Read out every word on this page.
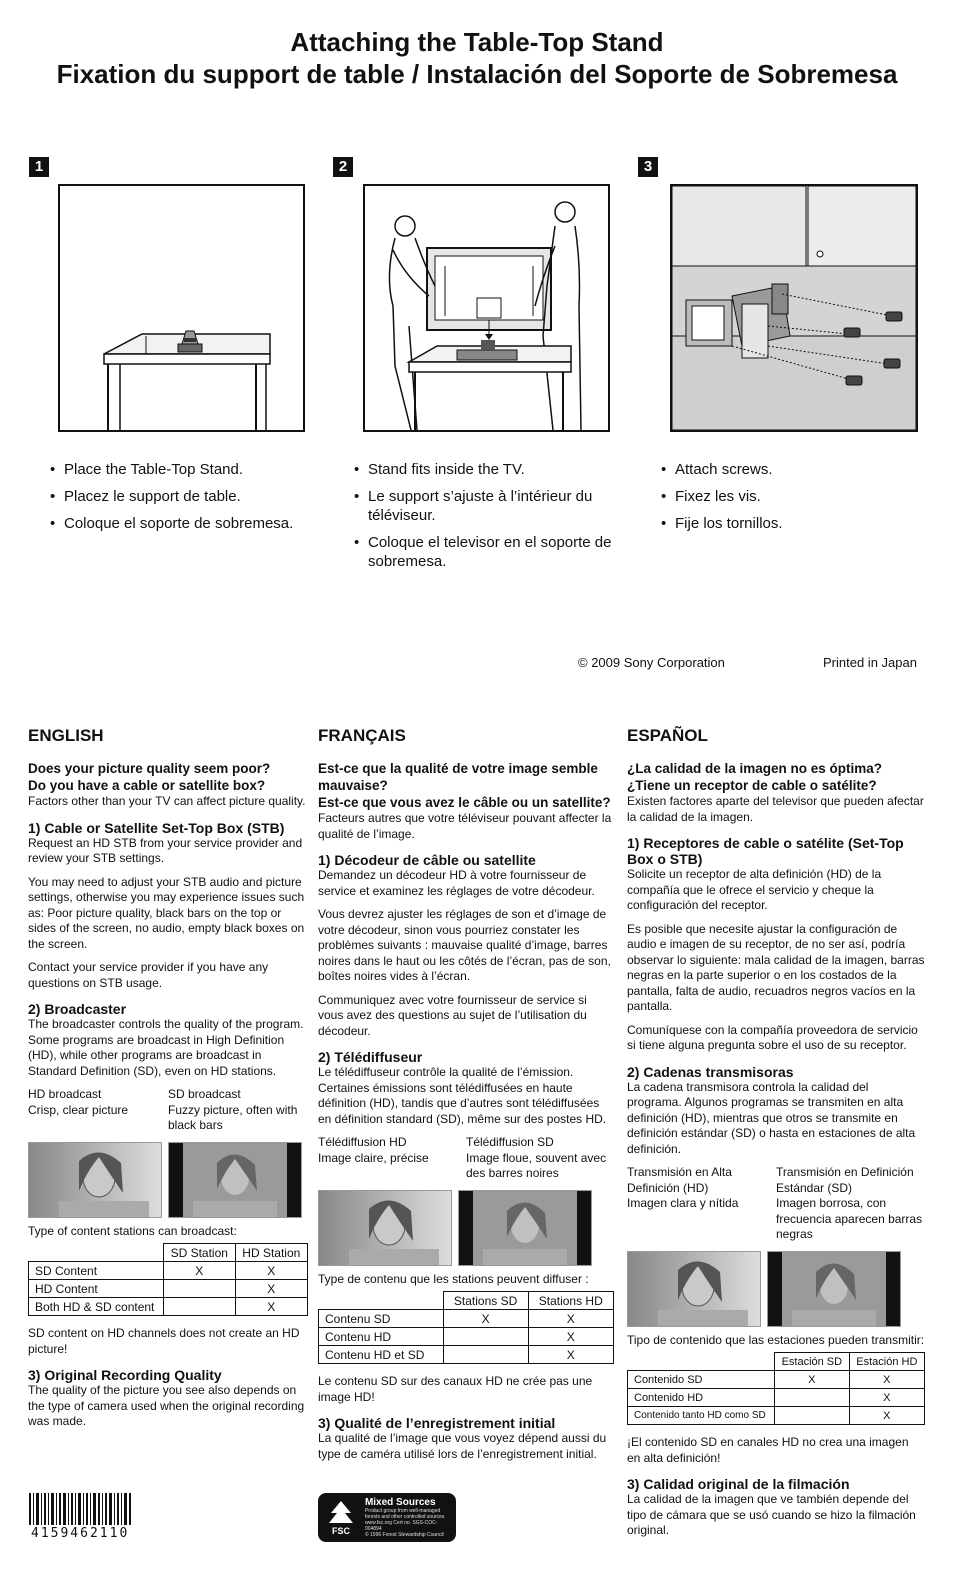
Attaching the Table-Top Stand
Fixation du support de table / Instalación del Soporte de Sobremesa
1
• Place the Table-Top Stand.
• Placez le support de table.
• Coloque el soporte de sobremesa.
2
• Stand fits inside the TV.
• Le support s’ajuste à l’intérieur du téléviseur.
• Coloque el televisor en el soporte de sobremesa.
3
• Attach screws.
• Fixez les vis.
• Fije los tornillos.
© 2009 Sony Corporation	Printed in Japan
ENGLISH
Does your picture quality seem poor?
Do you have a cable or satellite box?

Factors other than your TV can affect picture quality.

1) Cable or Satellite Set-Top Box (STB)

Request an HD STB from your service provider and review your STB settings.

You may need to adjust your STB audio and picture settings, otherwise you may experience issues such as: Poor picture quality, black bars on the top or sides of the screen, no audio, empty black boxes on the screen.

Contact your service provider if you have any questions on STB usage.

2) Broadcaster

The broadcaster controls the quality of the program. Some programs are broadcast in High Definition (HD), while other programs are broadcast in Standard Definition (SD), even on HD stations.

HD broadcast
Crisp, clear picture
SD broadcast
Fuzzy picture, often with black bars

Type of content stations can broadcast:

	SD Station	HD Station
SD Content	X	X
HD Content		X
Both HD & SD content		X

SD content on HD channels does not create an HD picture!

3) Original Recording Quality

The quality of the picture you see also depends on the type of camera used when the original recording was made.

FRANÇAIS
Est-ce que la qualité de votre image semble mauvaise?
Est-ce que vous avez le câble ou un satellite?

Facteurs autres que votre téléviseur pouvant affecter la qualité de l’image.

1) Décodeur de câble ou satellite

Demandez un décodeur HD à votre fournisseur de service et examinez les réglages de votre décodeur.

Vous devrez ajuster les réglages de son et d’image de votre décodeur, sinon vous pourriez constater les problèmes suivants : mauvaise qualité d’image, barres noires dans le haut ou les côtés de l’écran, pas de son, boîtes noires vides à l’écran.

Communiquez avec votre fournisseur de service si vous avez des questions au sujet de l’utilisation du décodeur.

2) Télédiffuseur

Le télédiffuseur contrôle la qualité de l’émission. Certaines émissions sont télédiffusées en haute définition (HD), tandis que d’autres sont télédiffusées en définition standard (SD), même sur des postes HD.

Télédiffusion HD
Image claire, précise
Télédiffusion SD
Image floue, souvent avec des barres noires

Type de contenu que les stations peuvent diffuser :

	Stations SD	Stations HD
Contenu SD	X	X
Contenu HD		X
Contenu HD et SD		X

Le contenu SD sur des canaux HD ne crée pas une image HD!

3) Qualité de l’enregistrement initial

La qualité de l’image que vous voyez dépend aussi du type de caméra utilisé lors de l’enregistrement initial.

ESPAÑOL
¿La calidad de la imagen no es óptima?
¿Tiene un receptor de cable o satélite?

Existen factores aparte del televisor que pueden afectar la calidad de la imagen.

1) Receptores de cable o satélite (Set-Top Box o STB)

Solicite un receptor de alta definición (HD) de la compañía que le ofrece el servicio y cheque la configuración del receptor.

Es posible que necesite ajustar la configuración de audio e imagen de su receptor, de no ser así, podría observar lo siguiente: mala calidad de la imagen, barras negras en la parte superior o en los costados de la pantalla, falta de audio, recuadros negros vacíos en la pantalla.

Comuníquese con la compañía proveedora de servicio si tiene alguna pregunta sobre el uso de su receptor.

2) Cadenas transmisoras

La cadena transmisora controla la calidad del programa. Algunos programas se transmiten en alta definición (HD), mientras que otros se transmite en definición estándar (SD) o hasta en estaciones de alta definición.

Transmisión en Alta Definición (HD)
Imagen clara y nítida
Transmisión en Definición Estándar (SD)
Imagen borrosa, con frecuencia aparecen barras negras

Tipo de contenido que las estaciones pueden transmitir:

	Estación SD	Estación HD
Contenido SD	X	X
Contenido HD		X
Contenido tanto HD como SD		X

¡El contenido SD en canales HD no crea una imagen en alta definición!

3) Calidad original de la filmación

La calidad de la imagen que ve también depende del tipo de cámara que se usó cuando se hizo la filmación original.

4159462110	FSC
Mixed Sources
Product group from well-managed
forests and other controlled sources
www.fsc.org Cert no. SGS-COC-004894
© 1996 Forest Stewardship Council
